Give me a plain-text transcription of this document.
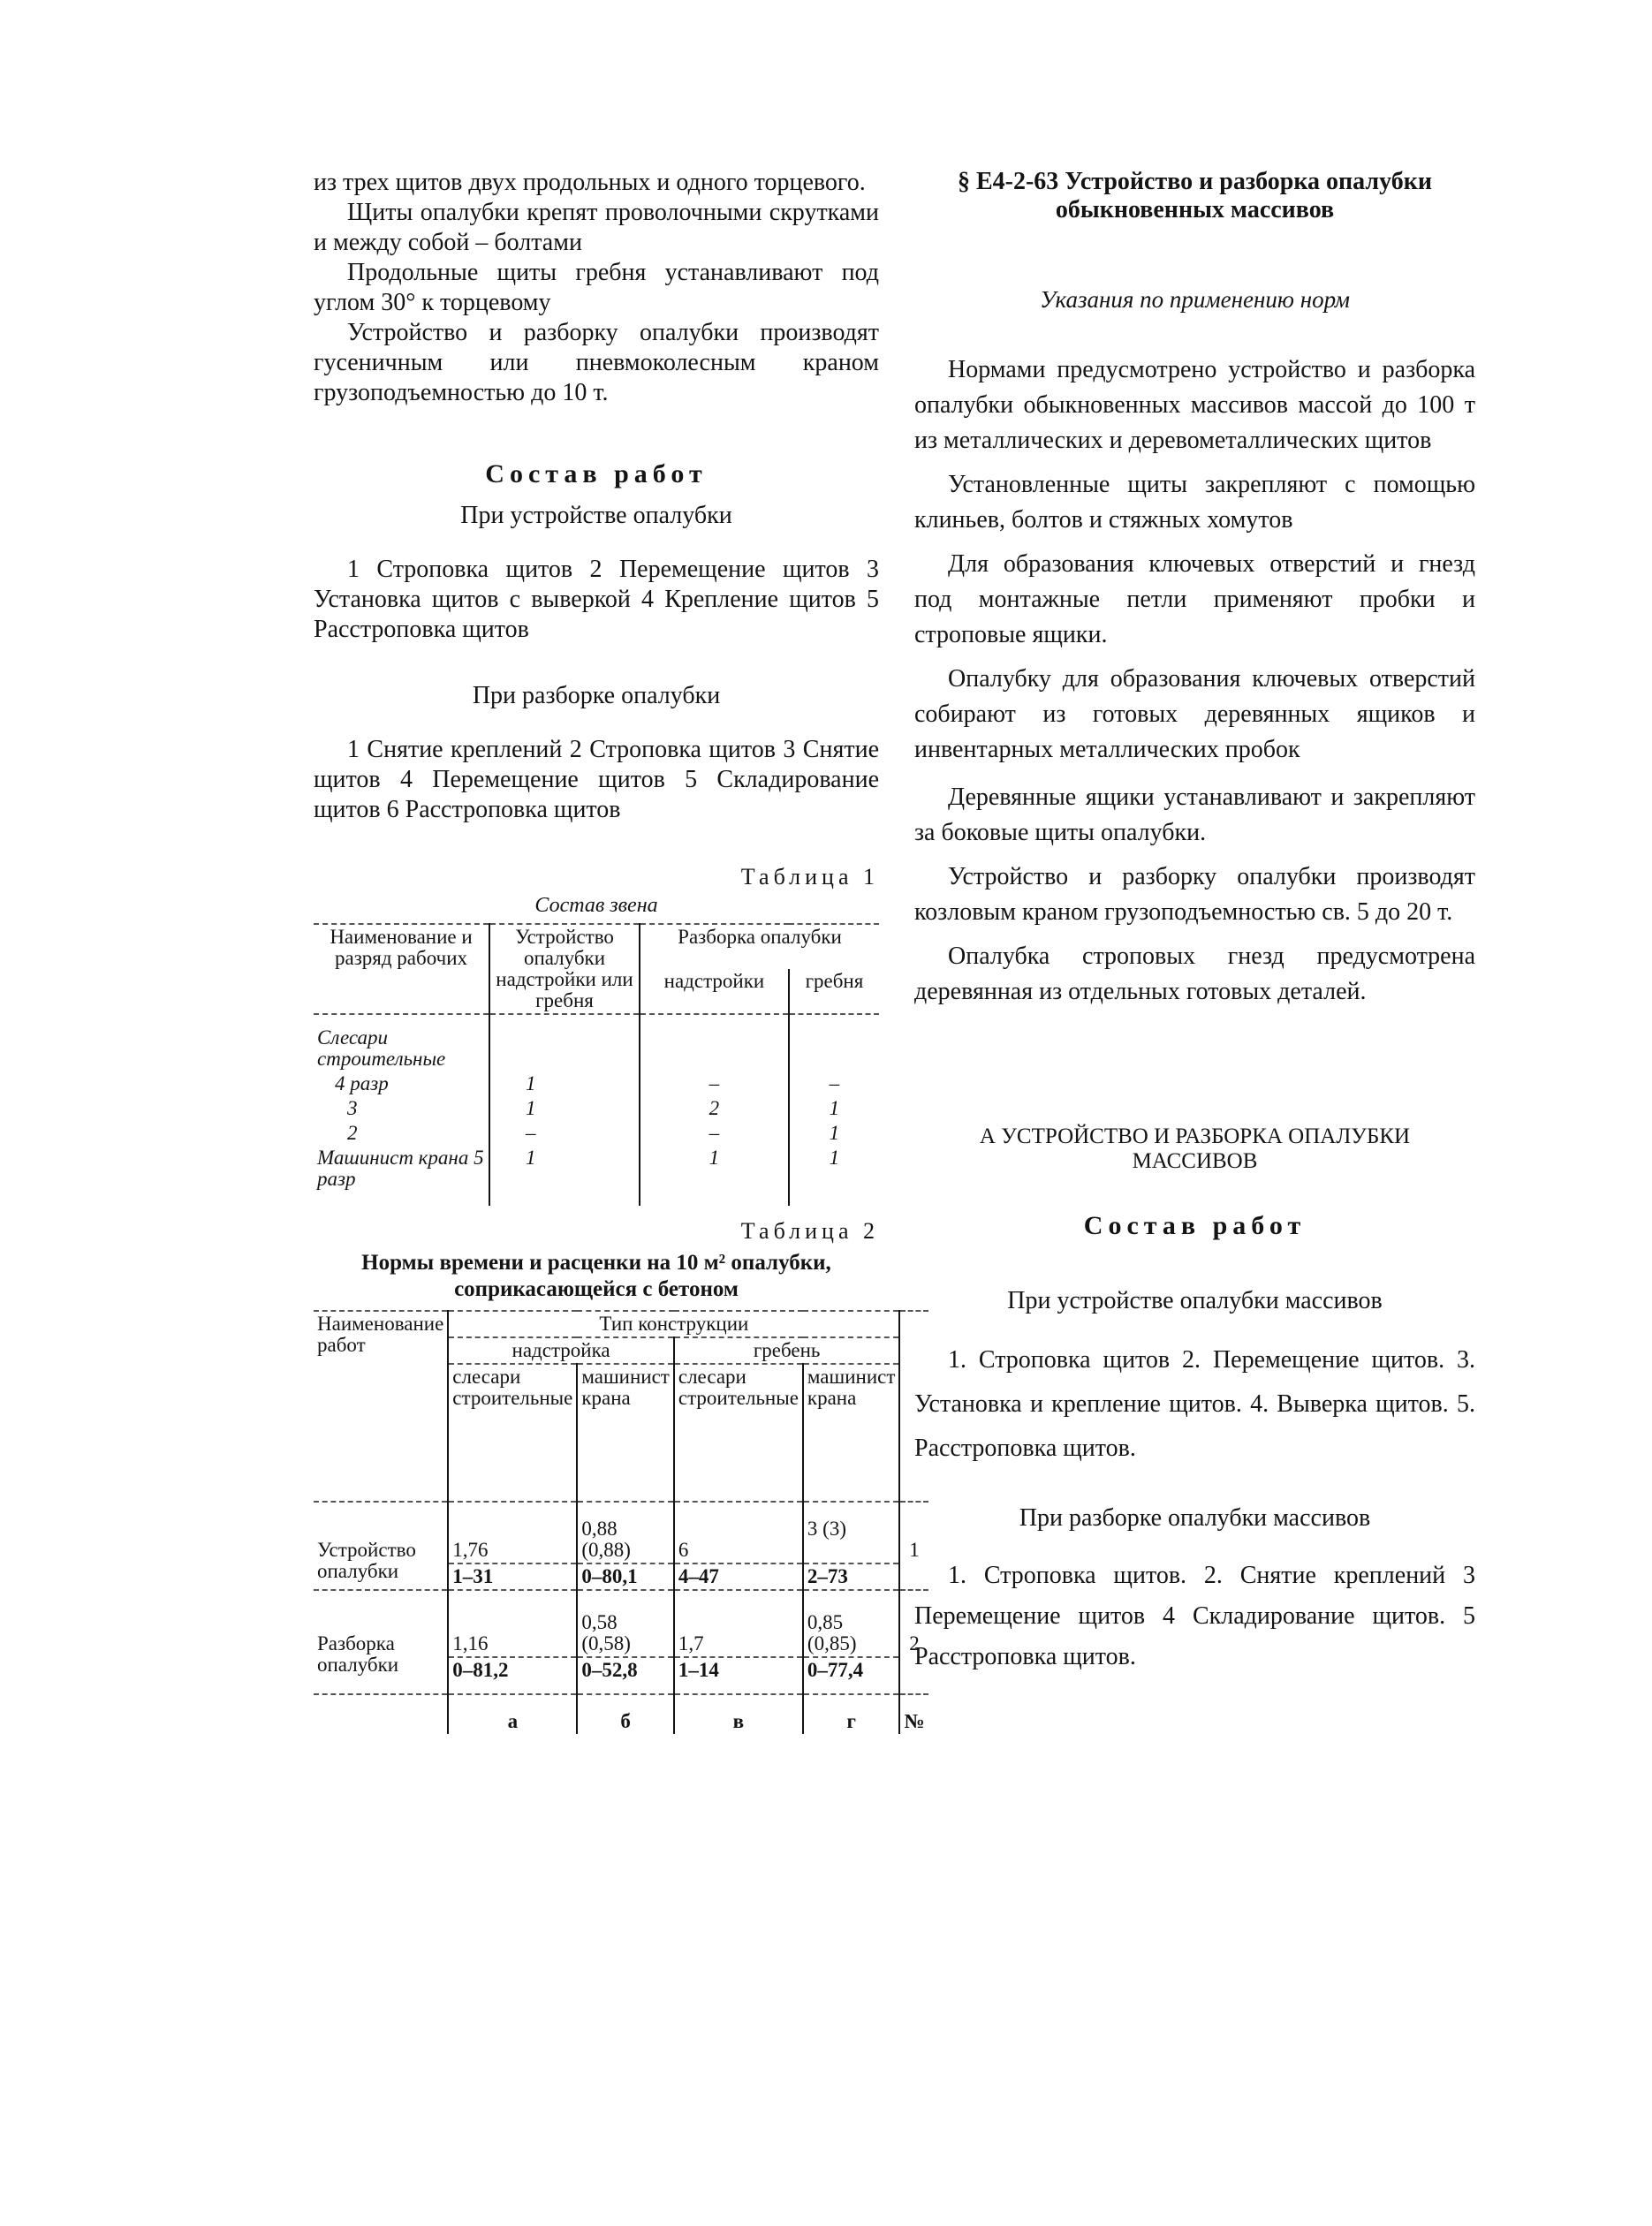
из трех щитов двух продольных и одного торцевого.

Щиты опалубки крепят проволочными скрутками и между собой – болтами

Продольные щиты гребня устанавливают под углом 30° к торцевому

Устройство и разборку опалубки производят гусеничным или пневмоколесным краном грузоподъемностью до 10 т.

Состав работ

При устройстве опалубки

1 Строповка щитов 2 Перемещение щитов 3 Установка щитов с выверкой 4 Крепление щитов 5 Расстроповка щитов

При разборке опалубки

1 Снятие креплений 2 Строповка щитов 3 Снятие щитов 4 Перемещение щитов 5 Складирование щитов 6 Расстроповка щитов

Таблица 1

Состав звена

Наименование и разряд рабочих	Устройство опалубки надстройки или гребня	Разборка опалубки	
		надстройки	гребня
Слесари строительные			
4 разр	1	–	–
3	1	2	1
2	–	–	1
Машинист крана 5 разр	1	1	1

Таблица 2

Нормы времени и расценки на 10 м² опалубки, соприкасающейся с бетоном

Наименование работ	Тип конструкции				
	надстройка		гребень		
	слесари строительные	машинист крана	слесари строительные	машинист крана	
Устройство опалубки	1,76	0,88 (0,88)	6	3 (3)	1
	1–31	0–80,1	4–47	2–73	
Разборка опалубки	1,16	0,58 (0,58)	1,7	0,85 (0,85)	2
	0–81,2	0–52,8	1–14	0–77,4	
	а	б	в	г	№

§ Е4-2-63 Устройство и разборка опалубки обыкновенных массивов

Указания по применению норм

Нормами предусмотрено устройство и разборка опалубки обыкновенных массивов массой до 100 т из металлических и деревометаллических щитов

Установленные щиты закрепляют с помощью клиньев, болтов и стяжных хомутов

Для образования ключевых отверстий и гнезд под монтажные петли применяют пробки и строповые ящики.

Опалубку для образования ключевых отверстий собирают из готовых деревянных ящиков и инвентарных металлических пробок

Деревянные ящики устанавливают и закрепляют за боковые щиты опалубки.

Устройство и разборку опалубки производят козловым краном грузоподъемностью св. 5 до 20 т.

Опалубка строповых гнезд предусмотрена деревянная из отдельных готовых деталей.

А УСТРОЙСТВО И РАЗБОРКА ОПАЛУБКИ МАССИВОВ

Состав работ

При устройстве опалубки массивов

1. Строповка щитов 2. Перемещение щитов. 3. Установка и крепление щитов. 4. Выверка щитов. 5. Расстроповка щитов.

При разборке опалубки массивов

1. Строповка щитов. 2. Снятие креплений 3 Перемещение щитов 4 Складирование щитов. 5 Расстроповка щитов.
